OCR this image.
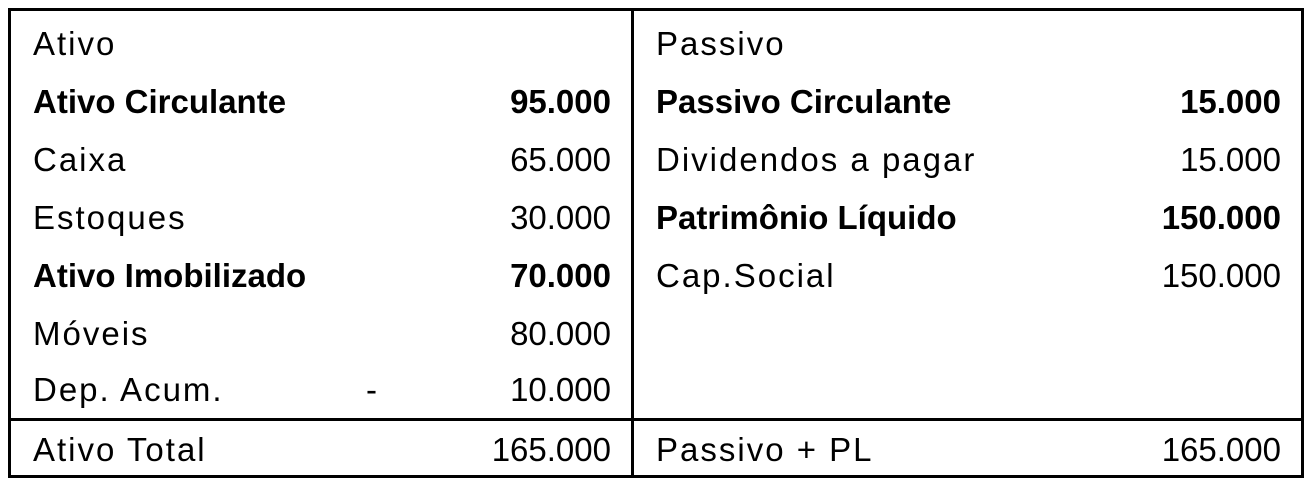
Ativo
Ativo Circulante	95.000
Caixa	65.000
Estoques	30.000
Ativo Imobilizado	70.000
Móveis	80.000
Dep. Acum.	-	10.000
Ativo Total	165.000
Passivo
Passivo Circulante	15.000
Dividendos a pagar	15.000
Patrimônio Líquido	150.000
Cap.Social	150.000
Passivo + PL	165.000
